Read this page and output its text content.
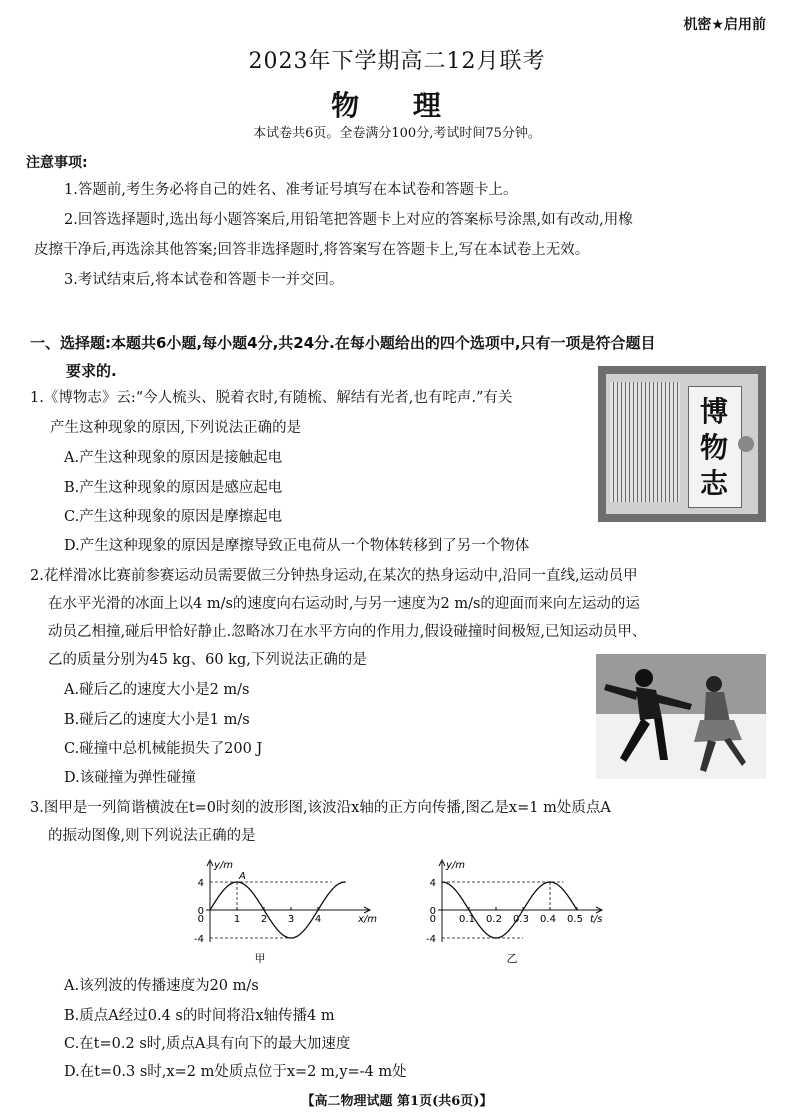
机密★启用前
2023年下学期高二12月联考
物 理
本试卷共6页。全卷满分100分,考试时间75分钟。
注意事项:
1.答题前,考生务必将自己的姓名、准考证号填写在本试卷和答题卡上。
2.回答选择题时,选出每小题答案后,用铅笔把答题卡上对应的答案标号涂黑,如有改动,用橡
皮擦干净后,再选涂其他答案;回答非选择题时,将答案写在答题卡上,写在本试卷上无效。
3.考试结束后,将本试卷和答题卡一并交回。
一、选择题:本题共6小题,每小题4分,共24分.在每小题给出的四个选项中,只有一项是符合题目
要求的.
1.《博物志》云:“今人梳头、脱着衣时,有随梳、解结有光者,也有咤声.”有关
产生这种现象的原因,下列说法正确的是
A.产生这种现象的原因是接触起电
B.产生这种现象的原因是感应起电
C.产生这种现象的原因是摩擦起电
D.产生这种现象的原因是摩擦导致正电荷从一个物体转移到了另一个物体
博物志
2.花样滑冰比赛前参赛运动员需要做三分钟热身运动,在某次的热身运动中,沿同一直线,运动员甲
在水平光滑的冰面上以4 m/s的速度向右运动时,与另一速度为2 m/s的迎面而来向左运动的运
动员乙相撞,碰后甲恰好静止.忽略冰刀在水平方向的作用力,假设碰撞时间极短,已知运动员甲、
乙的质量分别为45 kg、60 kg,下列说法正确的是
A.碰后乙的速度大小是2 m/s
B.碰后乙的速度大小是1 m/s
C.碰撞中总机械能损失了200 J
D.该碰撞为弹性碰撞
3.图甲是一列简谐横波在t=0时刻的波形图,该波沿x轴的正方向传播,图乙是x=1 m处质点A
的振动图像,则下列说法正确的是
y/m
x/m
4
0
-4
1 2 3 4
0
A
甲
y/m
t/s
4
0
-4
0.1 0.2 0.3 0.4 0.5
0
乙
A.该列波的传播速度为20 m/s
B.质点A经过0.4 s的时间将沿x轴传播4 m
C.在t=0.2 s时,质点A具有向下的最大加速度
D.在t=0.3 s时,x=2 m处质点位于x=2 m,y=-4 m处
【高二物理试题 第1页(共6页)】
